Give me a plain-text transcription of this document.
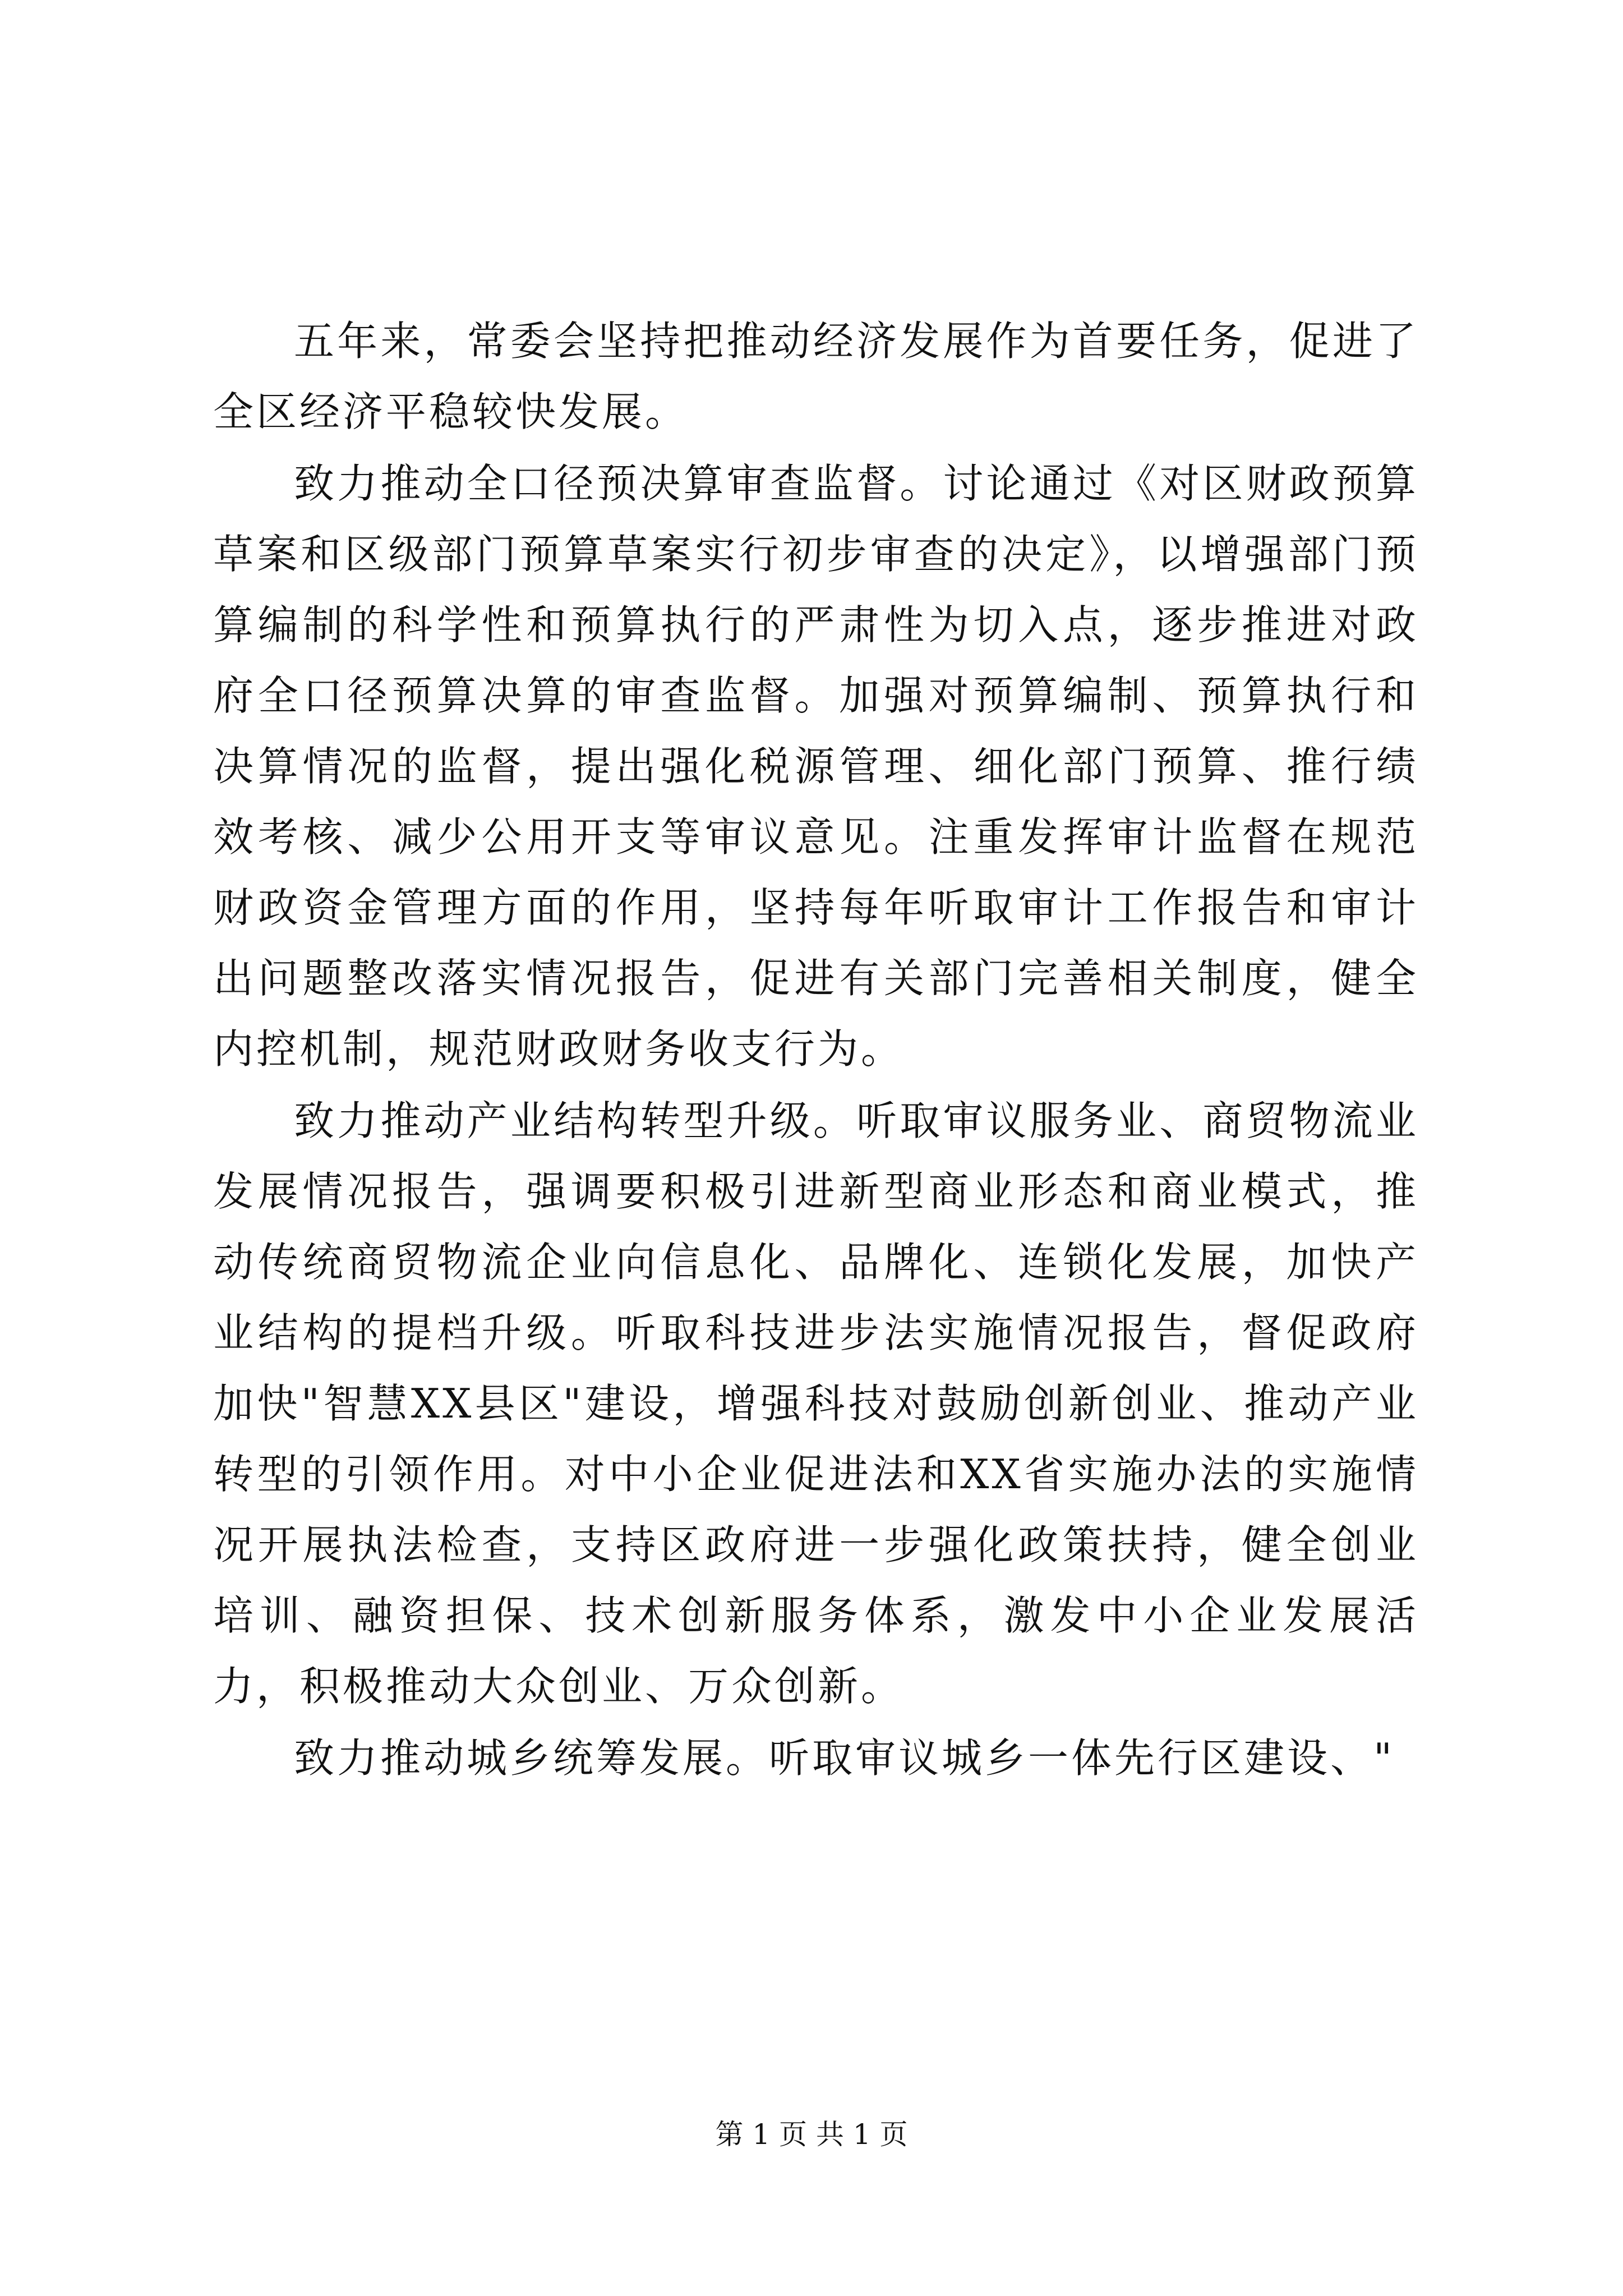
五年来，常委会坚持把推动经济发展作为首要任务，促进了全区经济平稳较快发展。

致力推动全口径预决算审查监督。讨论通过《对区财政预算草案和区级部门预算草案实行初步审查的决定》，以增强部门预算编制的科学性和预算执行的严肃性为切入点，逐步推进对政府全口径预算决算的审查监督。加强对预算编制、预算执行和决算情况的监督，提出强化税源管理、细化部门预算、推行绩效考核、减少公用开支等审议意见。注重发挥审计监督在规范财政资金管理方面的作用，坚持每年听取审计工作报告和审计出问题整改落实情况报告，促进有关部门完善相关制度，健全内控机制，规范财政财务收支行为。

致力推动产业结构转型升级。听取审议服务业、商贸物流业发展情况报告，强调要积极引进新型商业形态和商业模式，推动传统商贸物流企业向信息化、品牌化、连锁化发展，加快产业结构的提档升级。听取科技进步法实施情况报告，督促政府加快"智慧XX县区"建设，增强科技对鼓励创新创业、推动产业转型的引领作用。对中小企业促进法和XX省实施办法的实施情况开展执法检查，支持区政府进一步强化政策扶持，健全创业培训、融资担保、技术创新服务体系，激发中小企业发展活力，积极推动大众创业、万众创新。

致力推动城乡统筹发展。听取审议城乡一体先行区建设、"

第 1 页 共 1 页
